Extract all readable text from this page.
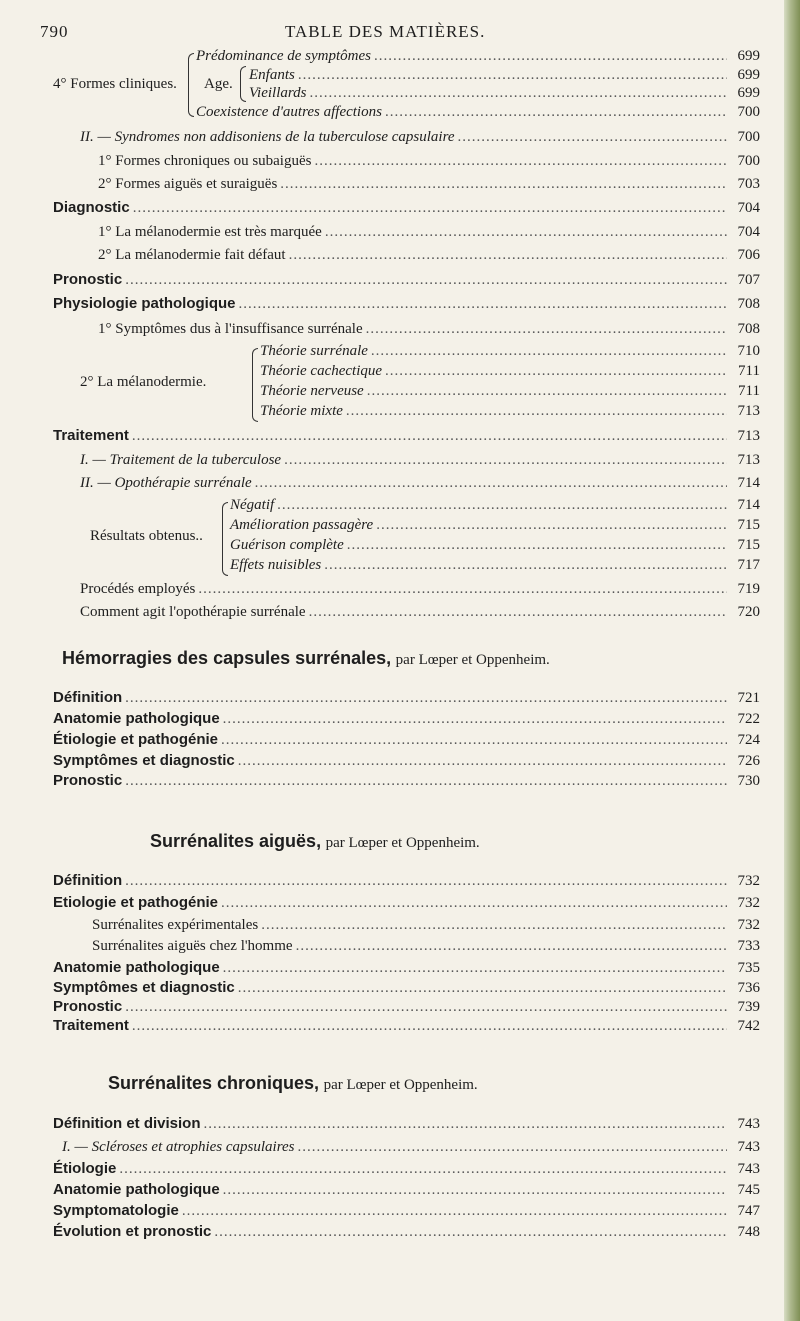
790	TABLE DES MATIÈRES.
4° Formes cliniques. Age.
Prédominance de symptômes .....	699
Enfants .....	699
Vieillards .....	699
Coexistence d'autres affections .....	700
II. — Syndromes non addisoniens de la tuberculose capsulaire .....	700
1° Formes chroniques ou subaiguës .....	700
2° Formes aiguës et suraiguës .....	703
Diagnostic .....	704
1° La mélanodermie est très marquée .....	704
2° La mélanodermie fait défaut .....	706
Pronostic .....	707
Physiologie pathologique .....	708
1° Symptômes dus à l'insuffisance surrénale .....	708
2° La mélanodermie.
Théorie surrénale .....	710
Théorie cachectique .....	711
Théorie nerveuse .....	711
Théorie mixte .....	713
Traitement .....	713
I. — Traitement de la tuberculose .....	713
II. — Opothérapie surrénale .....	714
Résultats obtenus..
Négatif .....	714
Amélioration passagère .....	715
Guérison complète .....	715
Effets nuisibles .....	717
Procédés employés .....	719
Comment agit l'opothérapie surrénale .....	720
Hémorragies des capsules surrénales, par Lœper et Oppenheim.
Définition .....	721
Anatomie pathologique .....	722
Étiologie et pathogénie .....	724
Symptômes et diagnostic .....	726
Pronostic .....	730
Surrénalites aiguës, par Lœper et Oppenheim.
Définition .....	732
Etiologie et pathogénie .....	732
Surrénalites expérimentales .....	732
Surrénalites aiguës chez l'homme .....	733
Anatomie pathologique .....	735
Symptômes et diagnostic .....	736
Pronostic .....	739
Traitement .....	742
Surrénalites chroniques, par Lœper et Oppenheim.
Définition et division .....	743
I. — Scléroses et atrophies capsulaires .....	743
Étiologie .....	743
Anatomie pathologique .....	745
Symptomatologie .....	747
Évolution et pronostic .....	748
